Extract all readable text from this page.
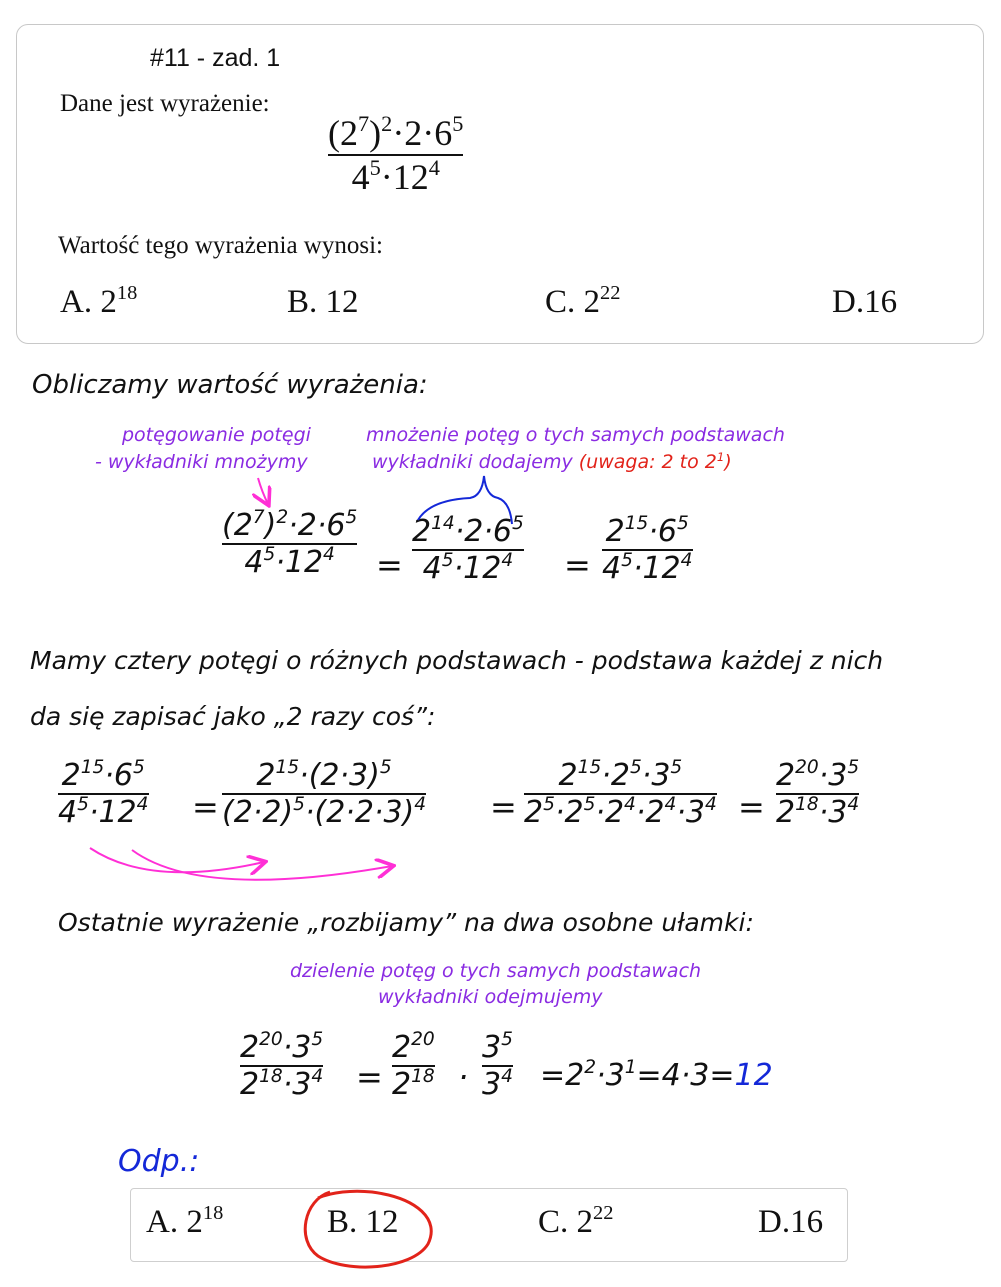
#11 - zad. 1
Dane jest wyrażenie:
$(2^7)^2\cdot 2\cdot 6^5$
$4^5\cdot 12^4$
Wartość tego wyrażenia wynosi:
A. $2^{18}$	B. 12	C. $2^{22}$	D.16
Obliczamy wartość wyrażenia:
potęgowanie potęgi
- wykładniki mnożymy
mnożenie potęg o tych samych podstawach
wykładniki dodajemy (uwaga: 2 to $2^1$)
$(2^7)^2\cdot 2\cdot 6^5$
$4^5\cdot 12^4$ =
$2^{14}\cdot 2\cdot 6^5$
$4^5\cdot 12^4$ =
$2^{15}\cdot 6^5$
$4^5\cdot 12^4$
Mamy cztery potęgi o różnych podstawach - podstawa każdej z nich
da się zapisać jako „2 razy coś”:
$2^{15}\cdot 6^5$
$4^5\cdot 12^4$ =
$2^{15}\cdot(2\cdot 3)^5$
$(2\cdot 2)^5\cdot(2\cdot 2\cdot 3)^4$ =
$2^{15}\cdot 2^5\cdot 3^5$
$2^5\cdot 2^5\cdot 2^4\cdot 2^4\cdot 3^4$ =
$2^{20}\cdot 3^5$
$2^{18}\cdot 3^4$
Ostatnie wyrażenie „rozbijamy” na dwa osobne ułamki:
dzielenie potęg o tych samych podstawach
wykładniki odejmujemy
$2^{20}\cdot 3^5$
$2^{18}\cdot 3^4$ =
$2^{20}$
$2^{18}$ ·
$3^5$
$3^4 =2^2\cdot 3^1=4\cdot 3=12$
Odp.:
A. $2^{18}$	B. 12	C. $2^{22}$	D.16
